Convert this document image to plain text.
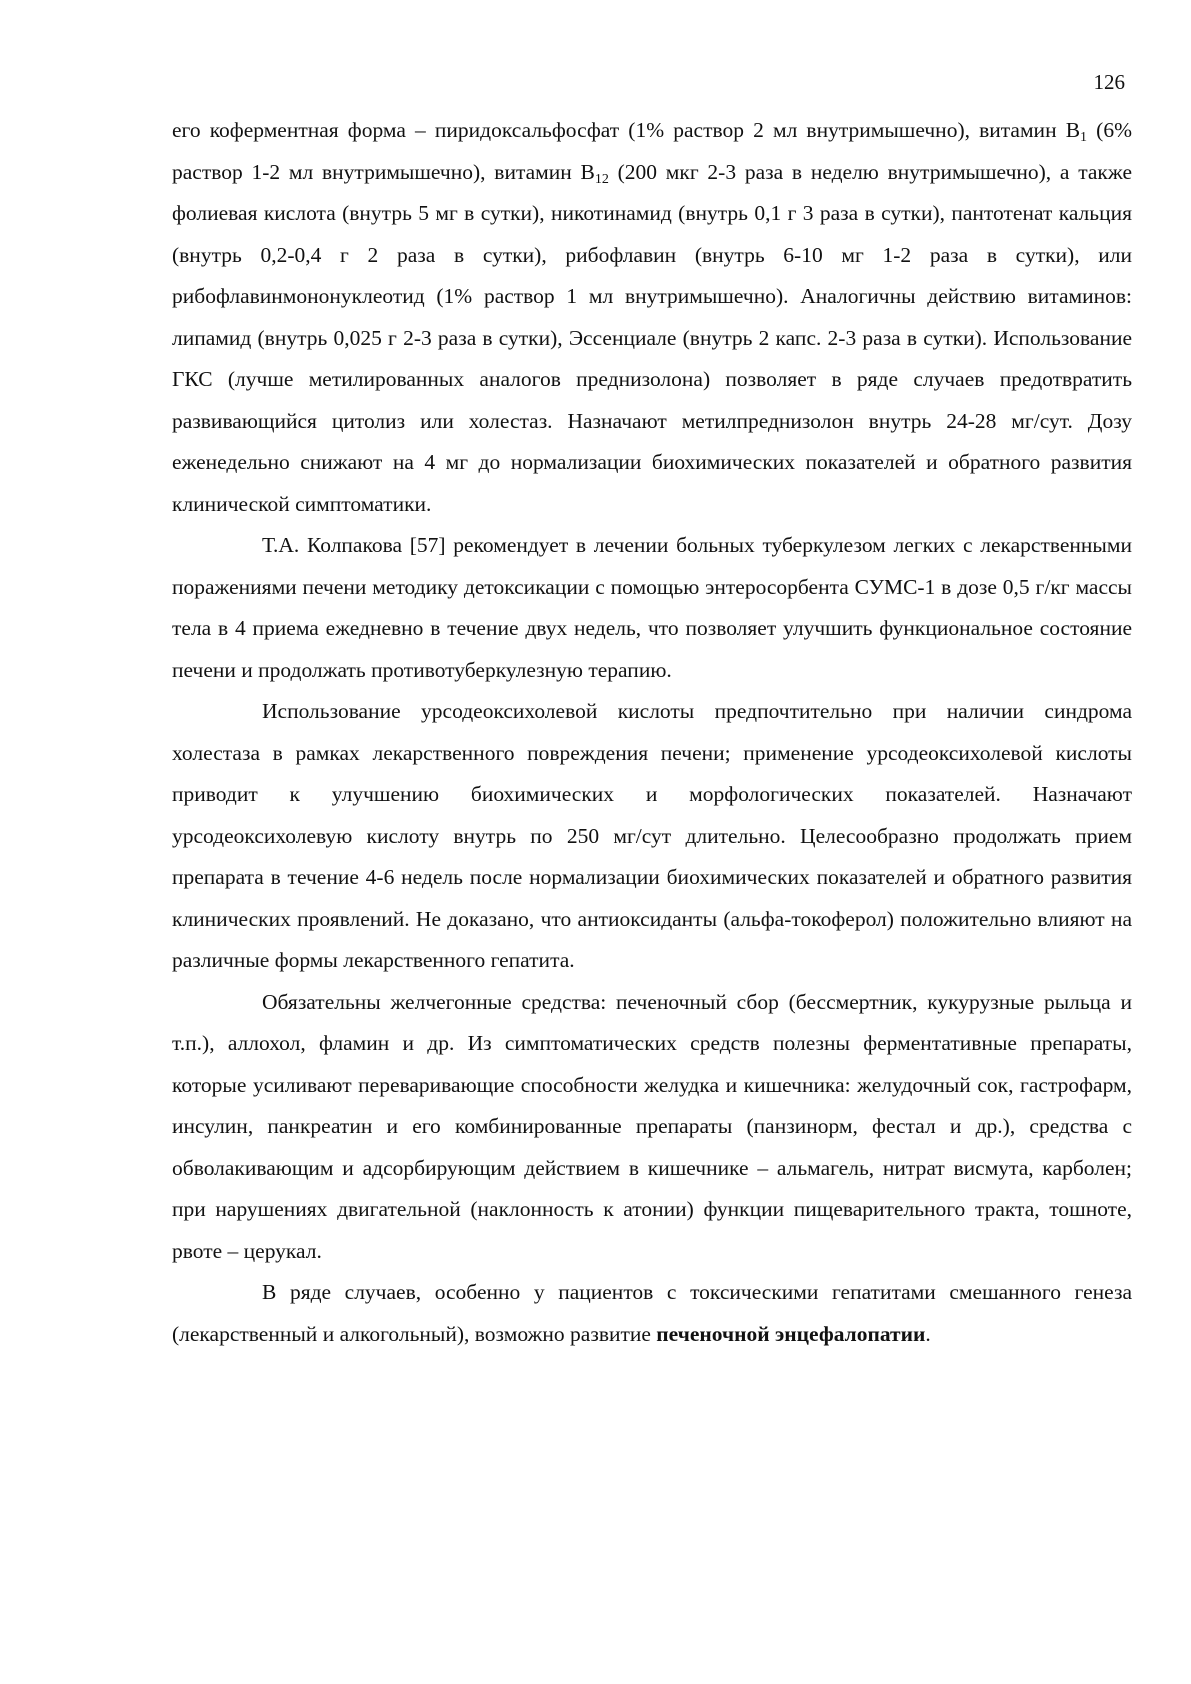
126

его коферментная форма – пиридоксальфосфат (1% раствор 2 мл внутримышечно), витамин $B_1$ (6% раствор 1-2 мл внутримышечно), витамин $B_{12}$ (200 мкг 2-3 раза в неделю внутримышечно), а также фолиевая кислота (внутрь 5 мг в сутки), никотинамид (внутрь 0,1 г 3 раза в сутки), пантотенат кальция (внутрь 0,2-0,4 г 2 раза в сутки), рибофлавин (внутрь 6-10 мг 1-2 раза в сутки), или рибофлавинмононуклеотид (1% раствор 1 мл внутримышечно). Аналогичны действию витаминов: липамид (внутрь 0,025 г 2-3 раза в сутки), Эссенциале (внутрь 2 капс. 2-3 раза в сутки). Использование ГКС (лучше метилированных аналогов преднизолона) позволяет в ряде случаев предотвратить развивающийся цитолиз или холестаз. Назначают метилпреднизолон внутрь 24-28 мг/сут. Дозу еженедельно снижают на 4 мг до нормализации биохимических показателей и обратного развития клинической симптоматики.

Т.А. Колпакова [57] рекомендует в лечении больных туберкулезом легких с лекарственными поражениями печени методику детоксикации с помощью энтеросорбента СУМС-1 в дозе 0,5 г/кг массы тела в 4 приема ежедневно в течение двух недель, что позволяет улучшить функциональное состояние печени и продолжать противотуберкулезную терапию.

Использование урсодеоксихолевой кислоты предпочтительно при наличии синдрома холестаза в рамках лекарственного повреждения печени; применение урсодеоксихолевой кислоты приводит к улучшению биохимических и морфологических показателей. Назначают урсодеоксихолевую кислоту внутрь по 250 мг/сут длительно. Целесообразно продолжать прием препарата в течение 4-6 недель после нормализации биохимических показателей и обратного развития клинических проявлений. Не доказано, что антиоксиданты (альфа-токоферол) положительно влияют на различные формы лекарственного гепатита.

Обязательны желчегонные средства: печеночный сбор (бессмертник, кукурузные рыльца и т.п.), аллохол, фламин и др. Из симптоматических средств полезны ферментативные препараты, которые усиливают переваривающие способности желудка и кишечника: желудочный сок, гастрофарм, инсулин, панкреатин и его комбинированные препараты (панзинорм, фестал и др.), средства с обволакивающим и адсорбирующим действием в кишечнике – альмагель, нитрат висмута, карболен; при нарушениях двигательной (наклонность к атонии) функции пищеварительного тракта, тошноте, рвоте – церукал.

В ряде случаев, особенно у пациентов с токсическими гепатитами смешанного генеза (лекарственный и алкогольный), возможно развитие печеночной энцефалопатии.
